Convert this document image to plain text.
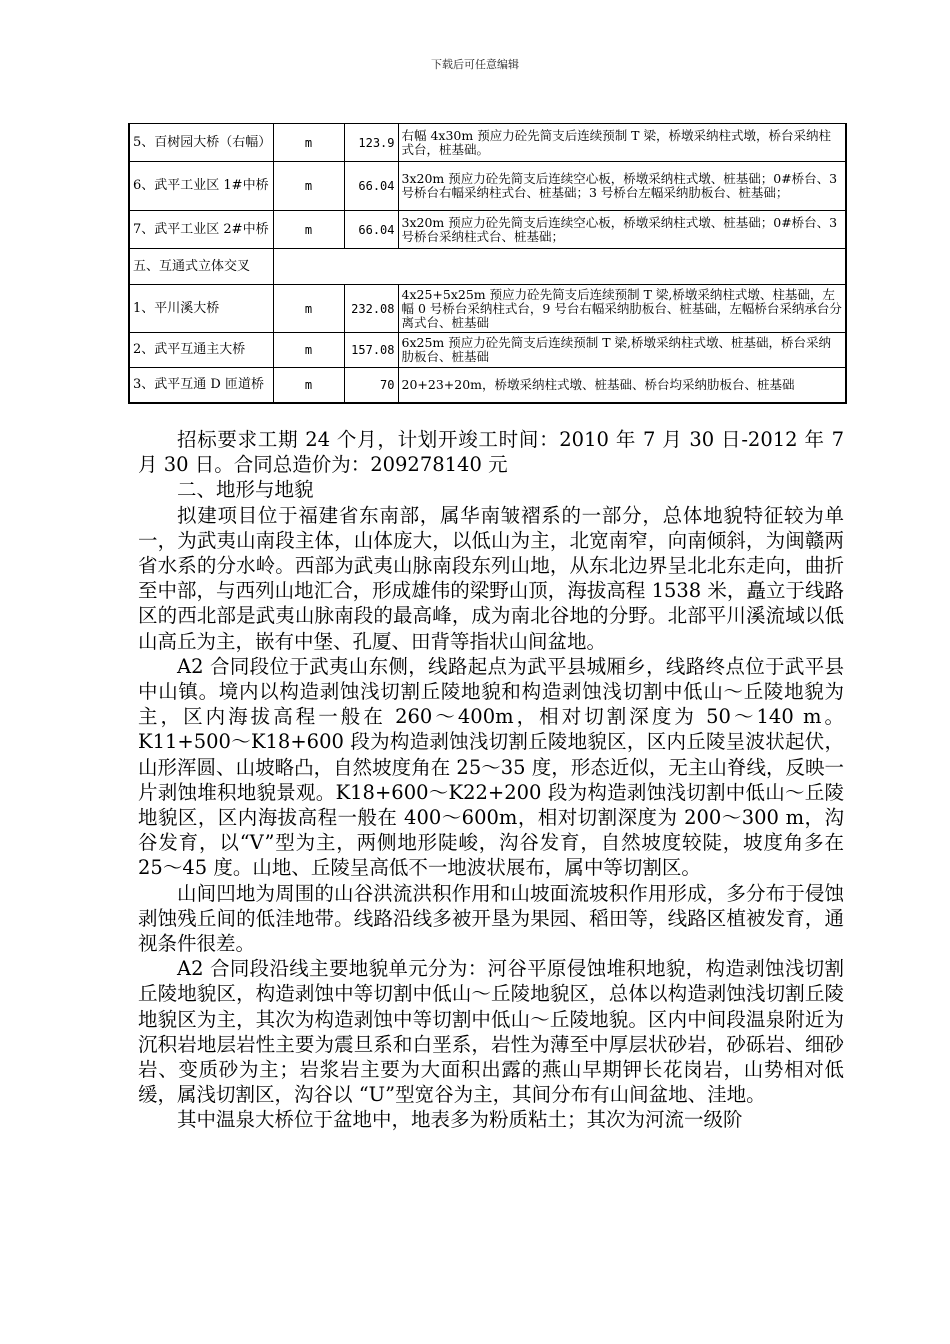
下载后可任意编辑
5、百树园大桥（右幅）	m	123.9	右幅 4x30m 预应力砼先简支后连续预制 T 梁，桥墩采纳柱式墩，桥台采纳柱式台，桩基础。
6、武平工业区 1#中桥	m	66.04	3x20m 预应力砼先简支后连续空心板，桥墩采纳柱式墩、桩基础；0#桥台、3 号桥台右幅采纳柱式台、桩基础；3 号桥台左幅采纳肋板台、桩基础；
7、武平工业区 2#中桥	m	66.04	3x20m 预应力砼先简支后连续空心板，桥墩采纳柱式墩、桩基础；0#桥台、3 号桥台采纳柱式台、桩基础；
五、互通式立体交叉			
1、平川溪大桥	m	232.08	4x25+5x25m 预应力砼先简支后连续预制 T 梁,桥墩采纳柱式墩、柱基础，左幅 0 号桥台采纳柱式台，9 号台右幅采纳肋板台、桩基础，左幅桥台采纳承台分离式台、桩基础
2、武平互通主大桥	m	157.08	6x25m 预应力砼先简支后连续预制 T 梁,桥墩采纳柱式墩、桩基础，桥台采纳肋板台、桩基础
3、武平互通 D 匝道桥	m	70	20+23+20m，桥墩采纳柱式墩、桩基础、桥台均采纳肋板台、桩基础

招标要求工期 24 个月，计划开竣工时间：2010 年 7 月 30 日-2012 年 7 月 30 日。合同总造价为：209278140 元

二、地形与地貌

拟建项目位于福建省东南部，属华南皱褶系的一部分，总体地貌特征较为单一，为武夷山南段主体，山体庞大，以低山为主，北宽南窄，向南倾斜，为闽赣两省水系的分水岭。西部为武夷山脉南段东列山地，从东北边界呈北北东走向，曲折至中部，与西列山地汇合，形成雄伟的梁野山顶，海拔高程 1538 米，矗立于线路区的西北部是武夷山脉南段的最高峰，成为南北谷地的分野。北部平川溪流域以低山高丘为主，嵌有中堡、孔厦、田背等指状山间盆地。

A2 合同段位于武夷山东侧，线路起点为武平县城厢乡，线路终点位于武平县中山镇。境内以构造剥蚀浅切割丘陵地貌和构造剥蚀浅切割中低山～丘陵地貌为主，区内海拔高程一般在 260～400m，相对切割深度为 50～140 m。K11+500～K18+600 段为构造剥蚀浅切割丘陵地貌区，区内丘陵呈波状起伏，山形浑圆、山坡略凸，自然坡度角在 25～35 度，形态近似，无主山脊线，反映一片剥蚀堆积地貌景观。K18+600～K22+200 段为构造剥蚀浅切割中低山～丘陵地貌区，区内海拔高程一般在 400～600m，相对切割深度为 200～300 m，沟谷发育，以“V”型为主，两侧地形陡峻，沟谷发育，自然坡度较陡，坡度角多在 25～45 度。山地、丘陵呈高低不一地波状展布，属中等切割区。

山间凹地为周围的山谷洪流洪积作用和山坡面流坡积作用形成，多分布于侵蚀剥蚀残丘间的低洼地带。线路沿线多被开垦为果园、稻田等，线路区植被发育，通视条件很差。

A2 合同段沿线主要地貌单元分为：河谷平原侵蚀堆积地貌，构造剥蚀浅切割丘陵地貌区，构造剥蚀中等切割中低山～丘陵地貌区，总体以构造剥蚀浅切割丘陵地貌区为主，其次为构造剥蚀中等切割中低山～丘陵地貌。区内中间段温泉附近为沉积岩地层岩性主要为震旦系和白垩系，岩性为薄至中厚层状砂岩，砂砾岩、细砂岩、变质砂为主；岩浆岩主要为大面积出露的燕山早期钾长花岗岩，山势相对低缓，属浅切割区，沟谷以 “U”型宽谷为主，其间分布有山间盆地、洼地。

其中温泉大桥位于盆地中，地表多为粉质粘土；其次为河流一级阶
